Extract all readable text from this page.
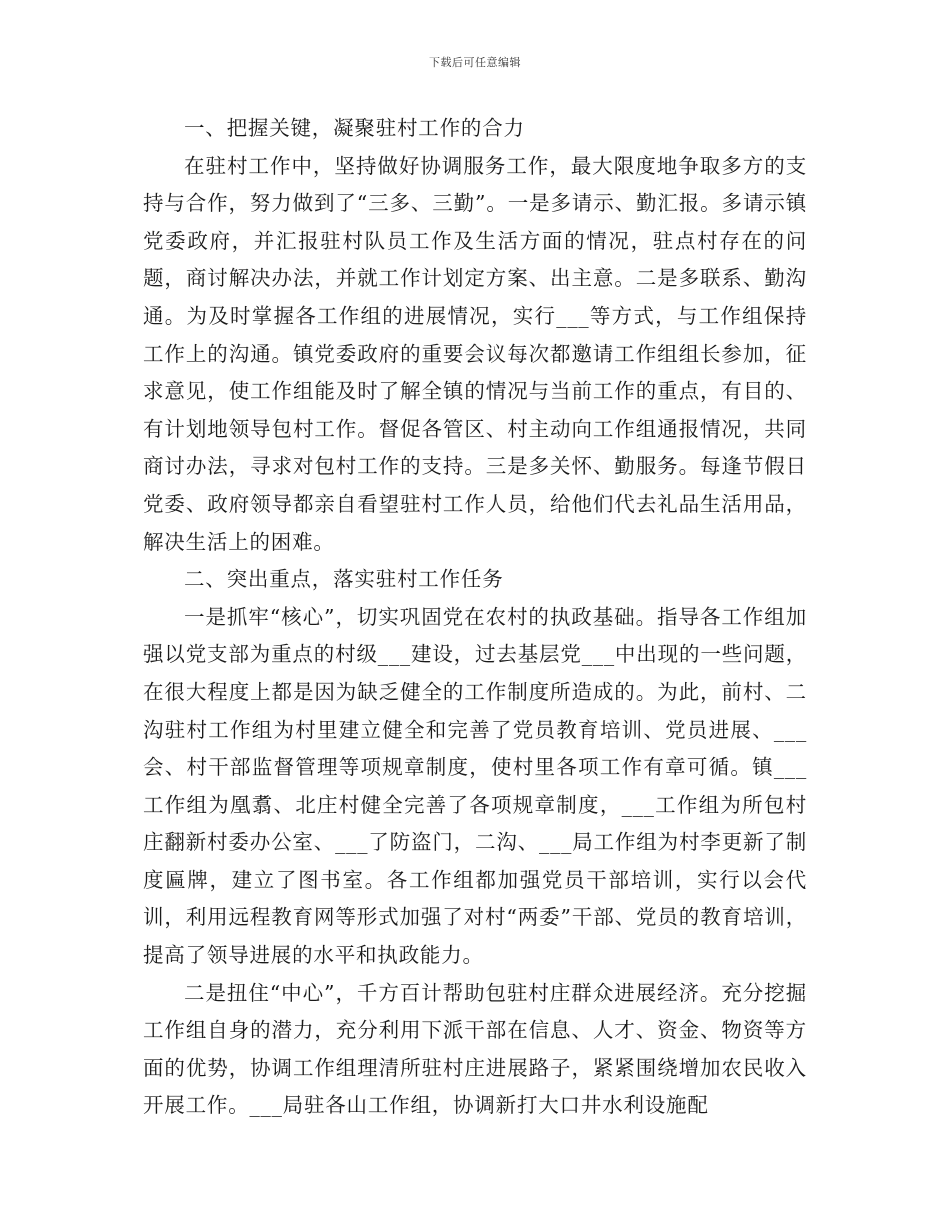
下载后可任意编辑

一、把握关键，凝聚驻村工作的合力

在驻村工作中，坚持做好协调服务工作，最大限度地争取多方的支持与合作，努力做到了“三多、三勤”。一是多请示、勤汇报。多请示镇党委政府，并汇报驻村队员工作及生活方面的情况，驻点村存在的问题，商讨解决办法，并就工作计划定方案、出主意。二是多联系、勤沟通。为及时掌握各工作组的进展情况，实行___等方式，与工作组保持工作上的沟通。镇党委政府的重要会议每次都邀请工作组组长参加，征求意见，使工作组能及时了解全镇的情况与当前工作的重点，有目的、有计划地领导包村工作。督促各管区、村主动向工作组通报情况，共同商讨办法，寻求对包村工作的支持。三是多关怀、勤服务。每逢节假日党委、政府领导都亲自看望驻村工作人员，给他们代去礼品生活用品，解决生活上的困难。

二、突出重点，落实驻村工作任务

一是抓牢“核心”，切实巩固党在农村的执政基础。指导各工作组加强以党支部为重点的村级___建设，过去基层党___中出现的一些问题，在很大程度上都是因为缺乏健全的工作制度所造成的。为此，前村、二沟驻村工作组为村里建立健全和完善了党员教育培训、党员进展、___会、村干部监督管理等项规章制度，使村里各项工作有章可循。镇___工作组为凰翥、北庄村健全完善了各项规章制度，___工作组为所包村庄翻新村委办公室、___了防盗门，二沟、___局工作组为村李更新了制度匾牌，建立了图书室。各工作组都加强党员干部培训，实行以会代训，利用远程教育网等形式加强了对村“两委”干部、党员的教育培训，提高了领导进展的水平和执政能力。

二是扭住“中心”，千方百计帮助包驻村庄群众进展经济。充分挖掘工作组自身的潜力，充分利用下派干部在信息、人才、资金、物资等方面的优势，协调工作组理清所驻村庄进展路子，紧紧围绕增加农民收入开展工作。___局驻各山工作组，协调新打大口井水利设施配
